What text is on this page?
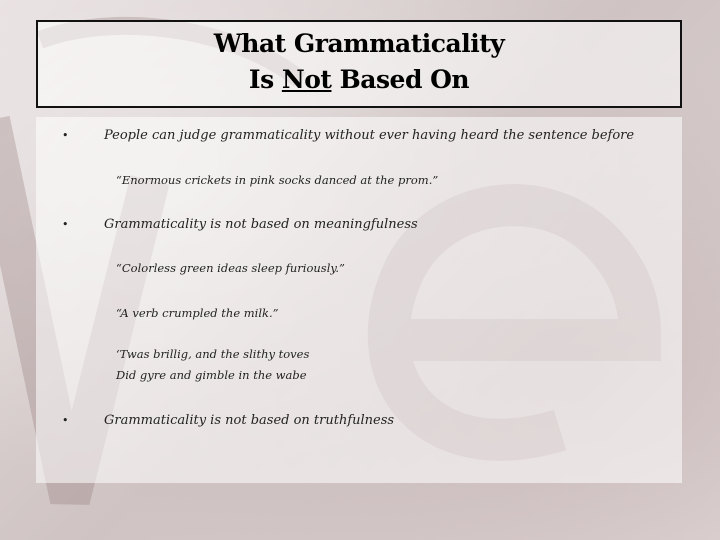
What Grammaticality
Is Not Based On
•	People can judge grammaticality without ever having heard the sentence before
“Enormous crickets in pink socks danced at the prom.”
•	Grammaticality is not based on meaningfulness
“Colorless green ideas sleep furiously.”
“A verb crumpled the milk.”
‘Twas brillig, and the slithy toves
Did gyre and gimble in the wabe
•	Grammaticality is not based on truthfulness
